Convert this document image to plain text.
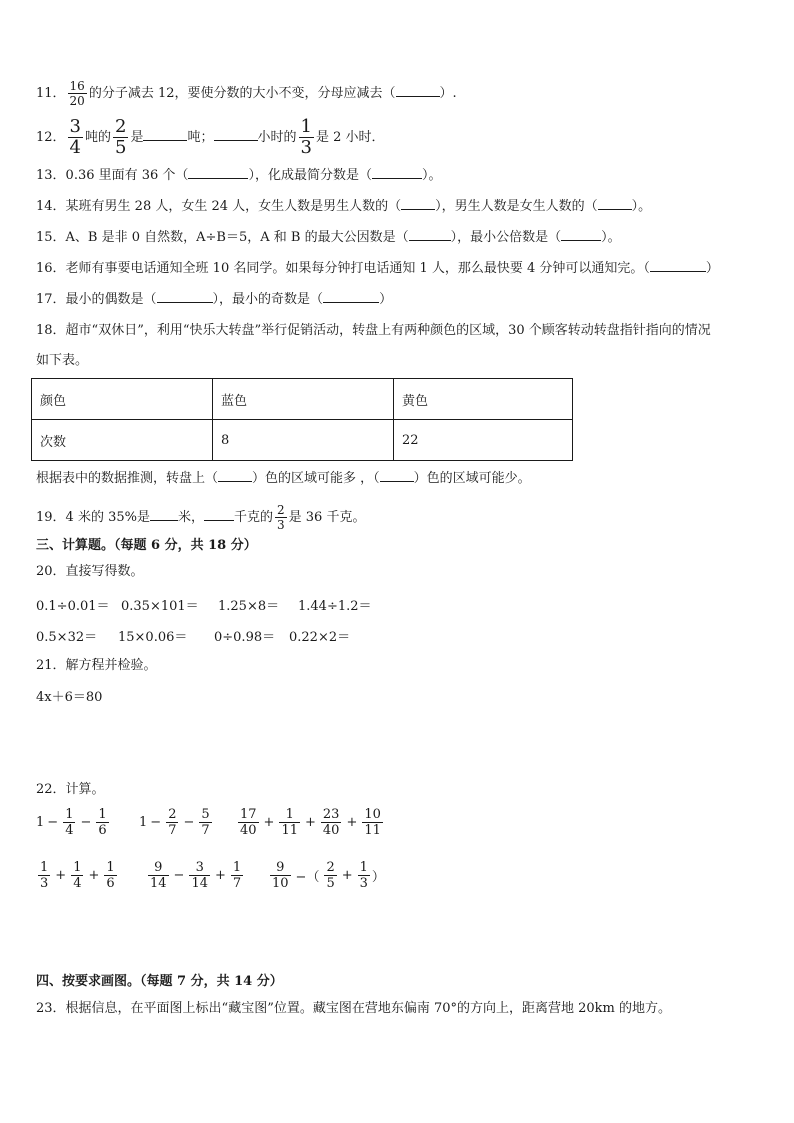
11． $\frac{16}{20}$ 的分子减去 12，要使分数的大小不变，分母应减去（	）.
12． $\frac{3}{4}$ 吨的 $\frac{2}{5}$ 是	吨；	小时的 $\frac{1}{3}$ 是 2 小时．
13．0.36 里面有 36 个（	），化成最简分数是（	）。
14．某班有男生 28 人，女生 24 人，女生人数是男生人数的（	），男生人数是女生人数的（	）。
15．A、B 是非 0 自然数，A÷B＝5，A 和 B 的最大公因数是（	），最小公倍数是（	）。
16．老师有事要电话通知全班 10 名同学。如果每分钟打电话通知 1 人，那么最快要 4 分钟可以通知完。（	）
17．最小的偶数是（	），最小的奇数是（	）
18．超市“双休日”，利用“快乐大转盘”举行促销活动，转盘上有两种颜色的区域，30 个顾客转动转盘指针指向的情况
如下表。
颜色	蓝色	黄色
次数	8	22
根据表中的数据推测，转盘上（	）色的区域可能多 ，（	）色的区域可能少。
19．4 米的 35%是 米， 千克的 $\frac{2}{3}$ 是 36 千克。
三、计算题。（每题 6 分，共 18 分）
20．直接写得数。
0.1÷0.01＝ 0.35×101＝ 1.25×8＝ 1.44÷1.2＝
0.5×32＝ 15×0.06＝ 0÷0.98＝ 0.22×2＝
21．解方程并检验。
4x＋6＝80
22．计算。
$1 - \frac{1}{4} - \frac{1}{6} 1 - \frac{2}{7} - \frac{5}{7} \frac{17}{40} + \frac{1}{11} + \frac{23}{40} + \frac{10}{11}$
$\frac{1}{3} + \frac{1}{4} + \frac{1}{6} \frac{9}{14} - \frac{3}{14} + \frac{1}{7} \frac{9}{10}$ −（ $\frac{2}{5} + \frac{1}{3}$ ）
四、按要求画图。（每题 7 分，共 14 分）
23．根据信息，在平面图上标出“藏宝图”位置。藏宝图在营地东偏南 70°的方向上，距离营地 20km 的地方。
